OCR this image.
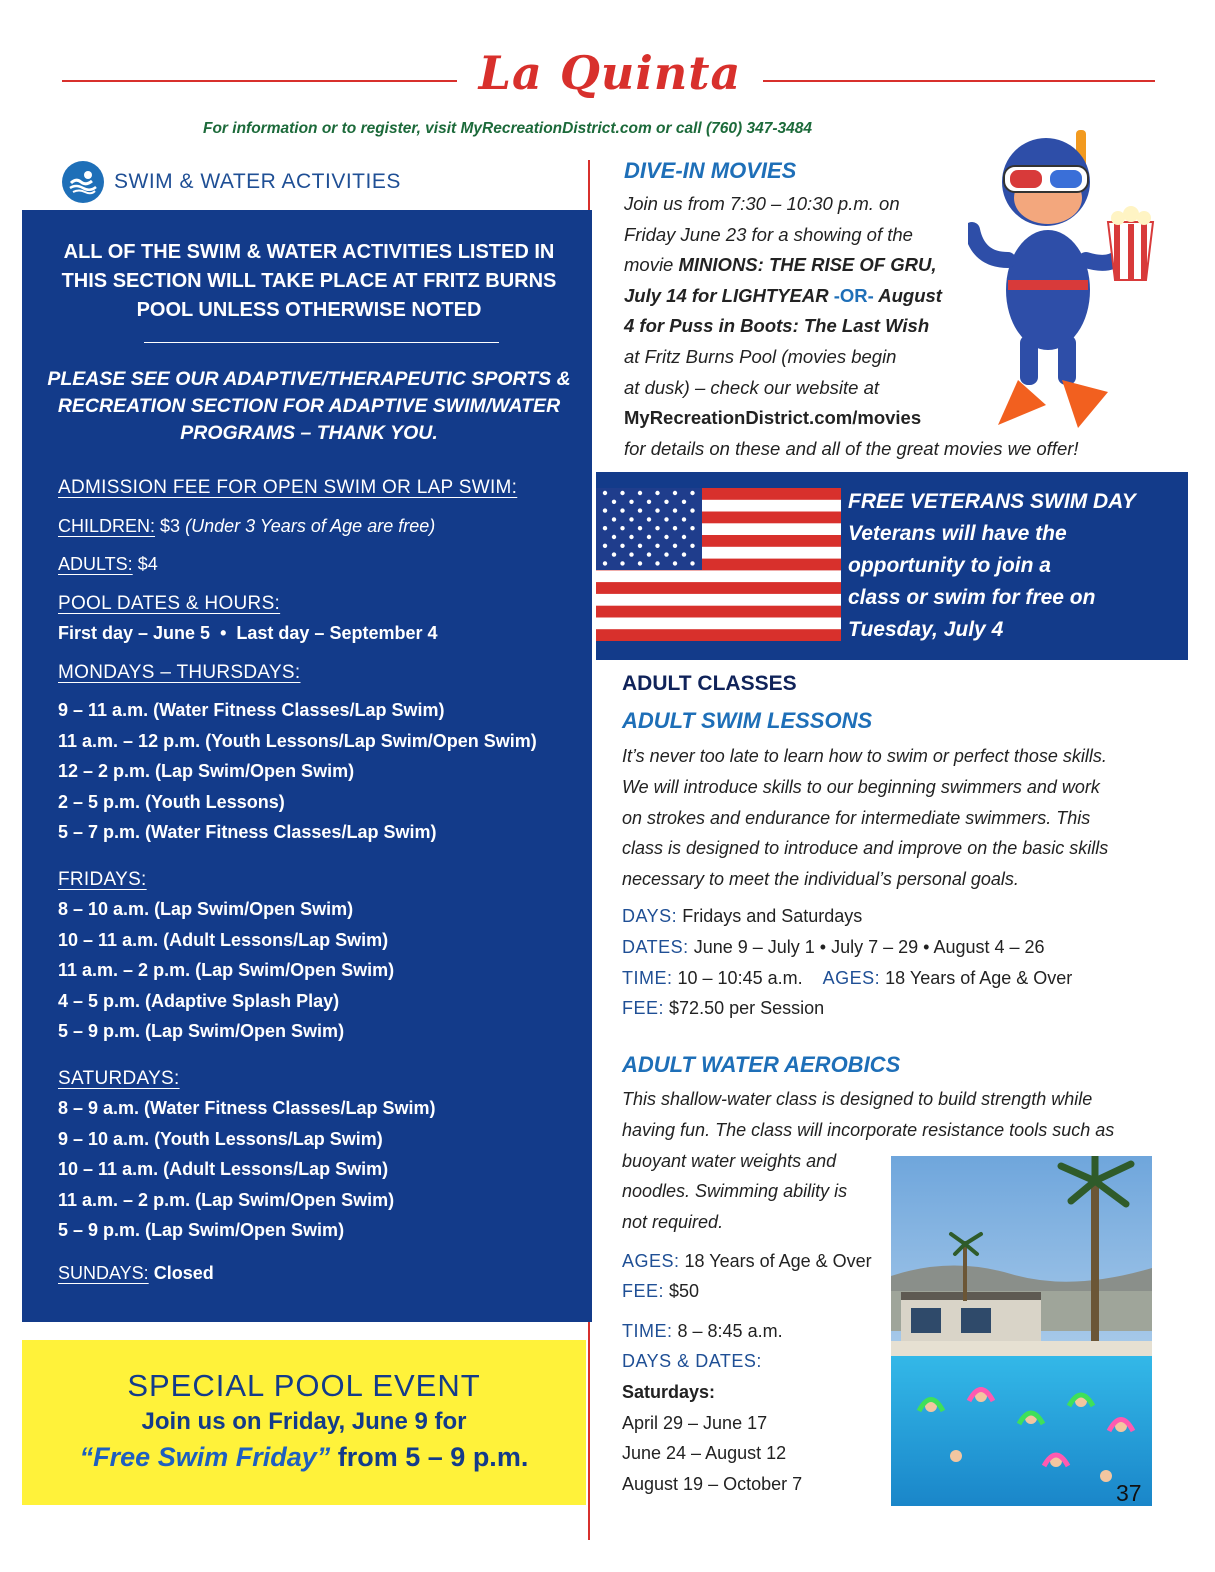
La Quinta
For information or to register, visit MyRecreationDistrict.com or call (760) 347-3484
SWIM & WATER ACTIVITIES
ALL OF THE SWIM & WATER ACTIVITIES LISTED IN THIS SECTION WILL TAKE PLACE AT FRITZ BURNS POOL UNLESS OTHERWISE NOTED
PLEASE SEE OUR ADAPTIVE/THERAPEUTIC SPORTS & RECREATION SECTION FOR ADAPTIVE SWIM/WATER PROGRAMS – THANK YOU.
ADMISSION FEE FOR OPEN SWIM OR LAP SWIM:
CHILDREN: $3 (Under 3 Years of Age are free)
ADULTS: $4
POOL DATES & HOURS:
First day – June 5  •  Last day – September 4
MONDAYS – THURSDAYS:
9 – 11 a.m. (Water Fitness Classes/Lap Swim)
11 a.m. – 12 p.m. (Youth Lessons/Lap Swim/Open Swim)
12 – 2 p.m. (Lap Swim/Open Swim)
2 – 5 p.m. (Youth Lessons)
5 – 7 p.m. (Water Fitness Classes/Lap Swim)
FRIDAYS:
8 – 10 a.m. (Lap Swim/Open Swim)
10 – 11 a.m. (Adult Lessons/Lap Swim)
11 a.m. – 2 p.m. (Lap Swim/Open Swim)
4 – 5 p.m. (Adaptive Splash Play)
5 – 9 p.m. (Lap Swim/Open Swim)
SATURDAYS:
8 – 9 a.m. (Water Fitness Classes/Lap Swim)
9 – 10 a.m. (Youth Lessons/Lap Swim)
10 – 11 a.m. (Adult Lessons/Lap Swim)
11 a.m. – 2 p.m. (Lap Swim/Open Swim)
5 – 9 p.m. (Lap Swim/Open Swim)
SUNDAYS: Closed
SPECIAL POOL EVENT
Join us on Friday, June 9 for
“Free Swim Friday” from 5 – 9 p.m.
DIVE-IN MOVIES
Join us from 7:30 – 10:30 p.m. on
Friday June 23 for a showing of the
movie MINIONS: THE RISE OF GRU,
July 14 for LIGHTYEAR -OR- August
4 for Puss in Boots: The Last Wish
at Fritz Burns Pool (movies begin
at dusk) – check our website at
MyRecreationDistrict.com/movies
for details on these and all of the great movies we offer!
FREE VETERANS SWIM DAY
Veterans will have the
opportunity to join a
class or swim for free on
Tuesday, July 4
ADULT CLASSES
ADULT SWIM LESSONS
It’s never too late to learn how to swim or perfect those skills.
We will introduce skills to our beginning swimmers and work
on strokes and endurance for intermediate swimmers. This
class is designed to introduce and improve on the basic skills
necessary to meet the individual’s personal goals.
DAYS: Fridays and Saturdays
DATES: June 9 – July 1 • July 7 – 29 • August 4 – 26
TIME: 10 – 10:45 a.m. AGES: 18 Years of Age & Over
FEE: $72.50 per Session
ADULT WATER AEROBICS
This shallow-water class is designed to build strength while
having fun. The class will incorporate resistance tools such as
buoyant water weights and
noodles. Swimming ability is
not required.
AGES: 18 Years of Age & Over
FEE: $50
TIME: 8 – 8:45 a.m.
DAYS & DATES:
Saturdays:
April 29 – June 17
June 24 – August 12
August 19 – October 7	37
